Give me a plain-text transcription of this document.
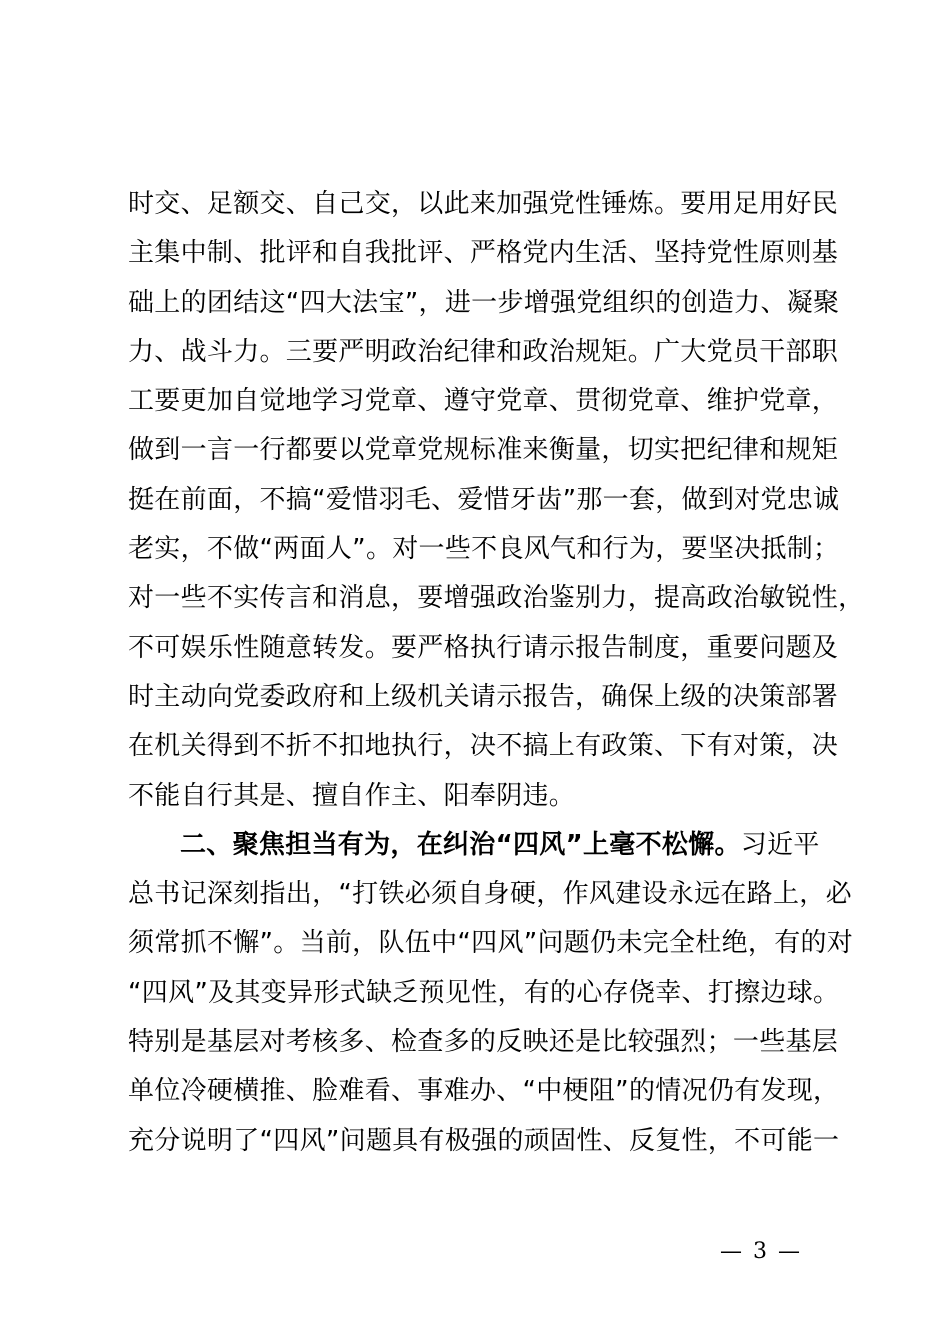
时交、足额交、自己交，以此来加强党性锤炼。要用足用好民
主集中制、批评和自我批评、严格党内生活、坚持党性原则基
础上的团结这“四大法宝”，进一步增强党组织的创造力、凝聚
力、战斗力。三要严明政治纪律和政治规矩。广大党员干部职
工要更加自觉地学习党章、遵守党章、贯彻党章、维护党章，
做到一言一行都要以党章党规标准来衡量，切实把纪律和规矩
挺在前面，不搞“爱惜羽毛、爱惜牙齿”那一套，做到对党忠诚
老实，不做“两面人”。对一些不良风气和行为，要坚决抵制；
对一些不实传言和消息，要增强政治鉴别力，提高政治敏锐性，
不可娱乐性随意转发。要严格执行请示报告制度，重要问题及
时主动向党委政府和上级机关请示报告，确保上级的决策部署
在机关得到不折不扣地执行，决不搞上有政策、下有对策，决
不能自行其是、擅自作主、阳奉阴违。
二、聚焦担当有为，在纠治“四风”上毫不松懈。习近平
总书记深刻指出，“打铁必须自身硬，作风建设永远在路上，必
须常抓不懈”。当前，队伍中“四风”问题仍未完全杜绝，有的对
“四风”及其变异形式缺乏预见性，有的心存侥幸、打擦边球。
特别是基层对考核多、检查多的反映还是比较强烈；一些基层
单位冷硬横推、脸难看、事难办、“中梗阻”的情况仍有发现，
充分说明了“四风”问题具有极强的顽固性、反复性，不可能一
— 3 —
